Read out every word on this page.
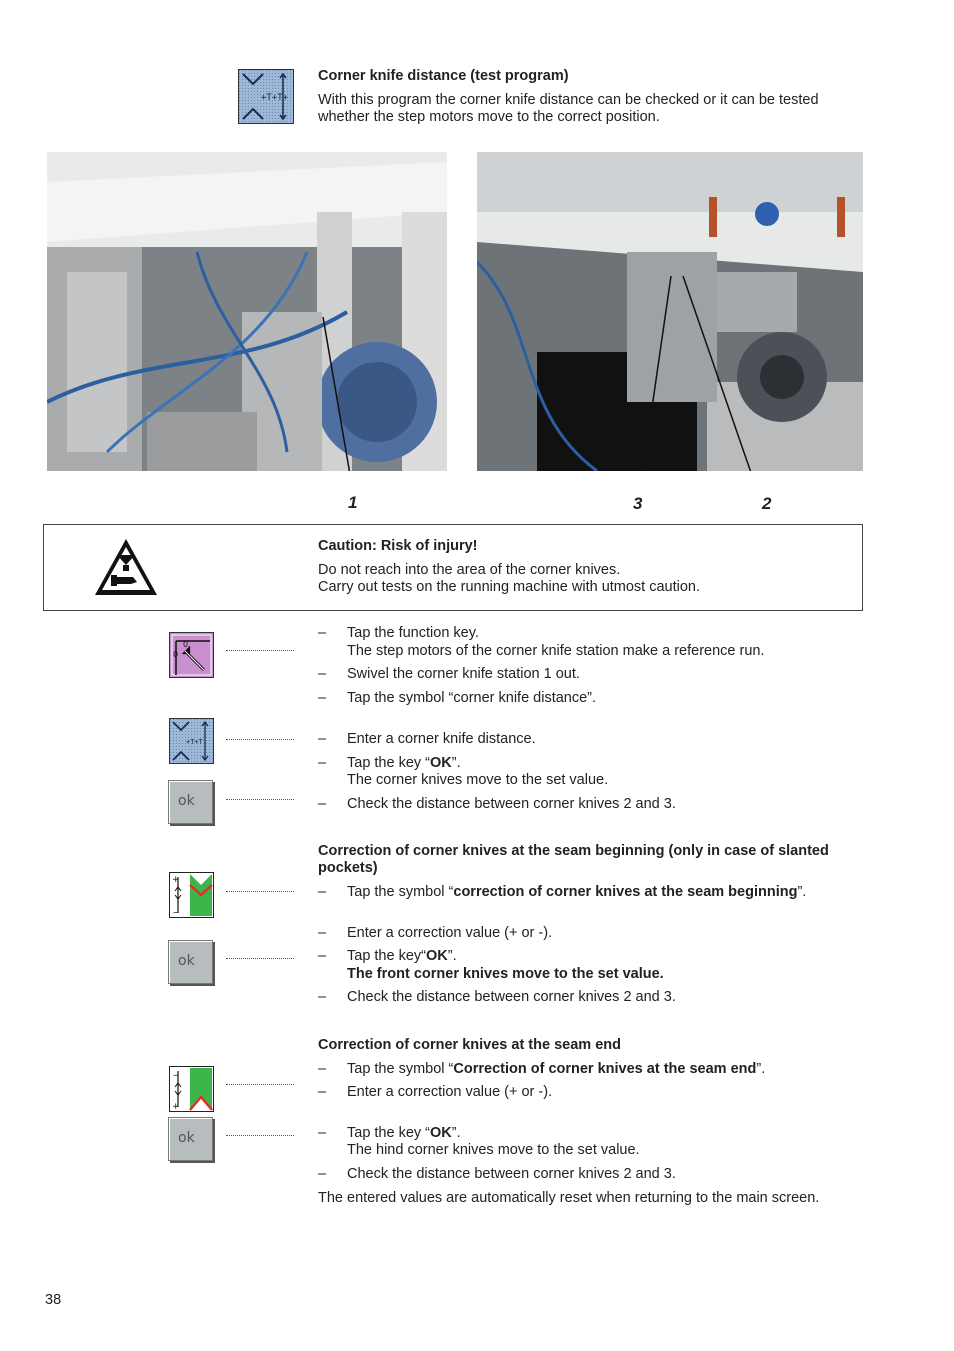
+T+T+
Corner knife distance (test program)
With this program the corner knife distance can be checked or it can be tested whether the step motors move to the correct position.
1	3	2
Caution: Risk of injury!
Do not reach into the area of the corner knives.
Carry out tests on the running machine with utmost caution.
0
0
–	Tap the function key.
The step motors of the corner knife station make a reference run.
–	Swivel the corner knife station 1 out.
–	Tap the symbol “corner knife distance”.
+T+T	–	Enter a corner knife distance.
ok
–	Tap the key “OK”.
The corner knives move to the set value.
–	Check the distance between corner knives 2 and 3.
Correction of corner knives at the seam beginning (only in case of slanted pockets)
+
–
–	Tap the symbol “correction of corner knives at the seam beginning”.
–	Enter a correction value (+ or -).
ok	–	Tap the key“OK”.
The front corner knives move to the set value.
–	Check the distance between corner knives 2 and 3.
Correction of corner knives at the seam end
–
+
–	Tap the symbol “Correction of corner knives at the seam end”.
–	Enter a correction value (+ or -).
ok	–	Tap the key “OK”.
The hind corner knives move to the set value.
–	Check the distance between corner knives 2 and 3.
The entered values are automatically reset when returning to the main screen.
38
